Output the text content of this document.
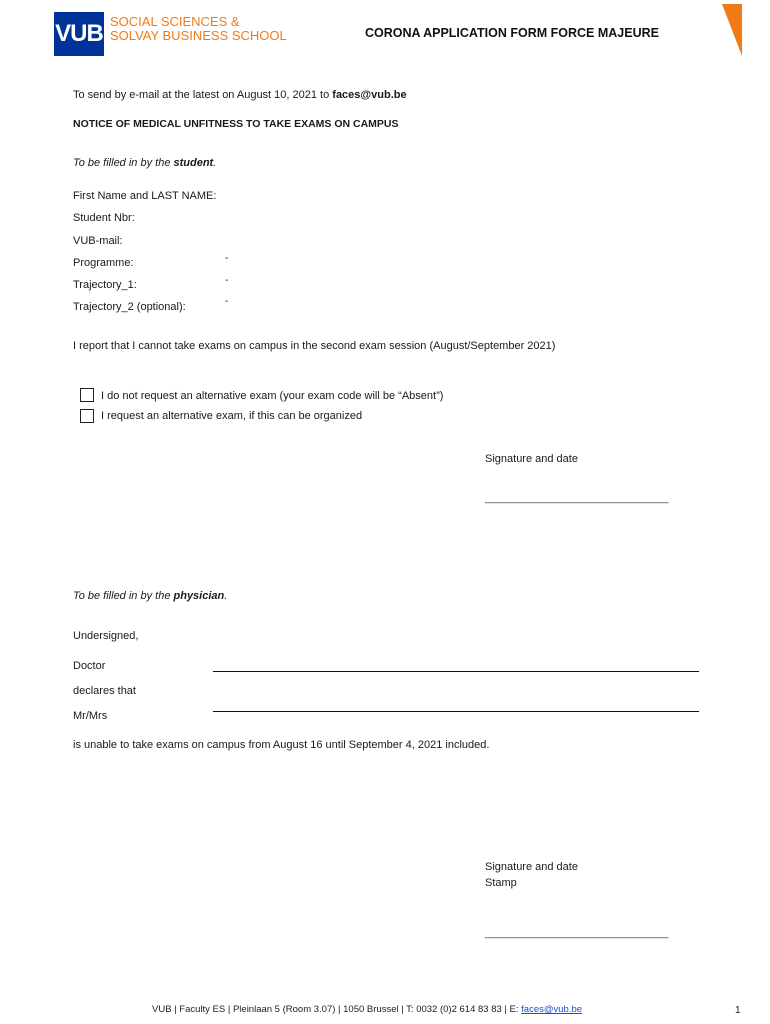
VUB SOCIAL SCIENCES &
SOLVAY BUSINESS SCHOOL	CORONA APPLICATION FORM FORCE MAJEURE
To send by e-mail at the latest on August 10, 2021 to faces@vub.be
NOTICE OF MEDICAL UNFITNESS TO TAKE EXAMS ON CAMPUS
To be filled in by the student.
First Name and LAST NAME:
Student Nbr:
VUB-mail:
Programme:	-
Trajectory_1:	-
Trajectory_2 (optional):	-
I report that I cannot take exams on campus in the second exam session (August/September 2021)
I do not request an alternative exam (your exam code will be “Absent”)
I request an alternative exam, if this can be organized
Signature and date
______________________________
To be filled in by the physician.
Undersigned,
Doctor
declares that
Mr/Mrs
is unable to take exams on campus from August 16 until September 4, 2021 included.
Signature and date
Stamp
______________________________
VUB | Faculty ES | Pleinlaan 5 (Room 3.07) | 1050 Brussel | T: 0032 (0)2 614 83 83 | E: faces@vub.be	1
